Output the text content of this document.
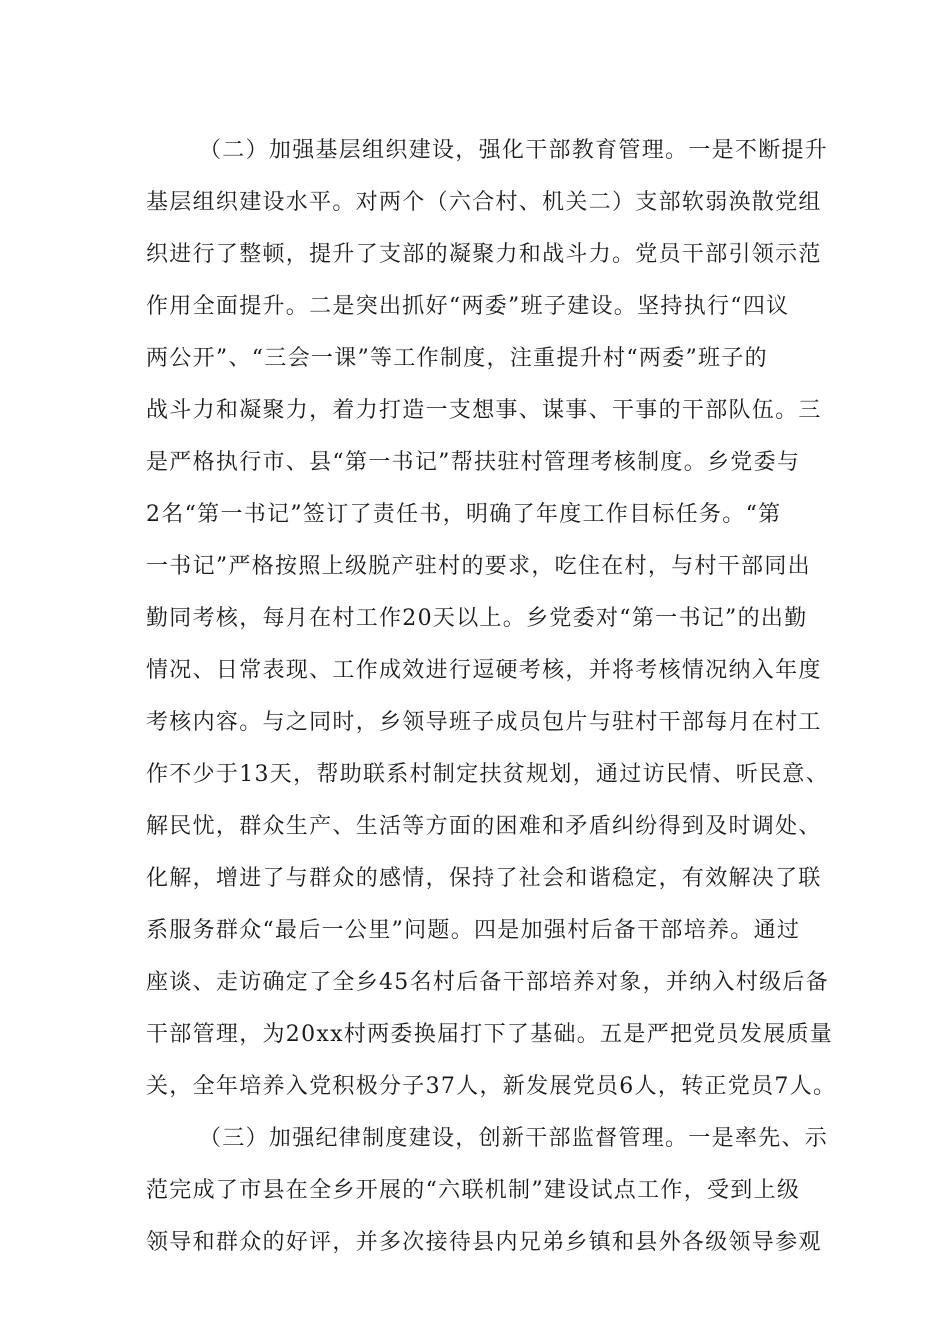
（二）加强基层组织建设，强化干部教育管理。一是不断提升
基层组织建设水平。对两个（六合村、机关二）支部软弱涣散党组
织进行了整顿，提升了支部的凝聚力和战斗力。党员干部引领示范
作用全面提升。二是突出抓好“两委”班子建设。坚持执行“四议
两公开”、“三会一课”等工作制度，注重提升村“两委”班子的
战斗力和凝聚力，着力打造一支想事、谋事、干事的干部队伍。三
是严格执行市、县“第一书记”帮扶驻村管理考核制度。乡党委与
2名“第一书记”签订了责任书，明确了年度工作目标任务。“第
一书记”严格按照上级脱产驻村的要求，吃住在村，与村干部同出
勤同考核，每月在村工作20天以上。乡党委对“第一书记”的出勤
情况、日常表现、工作成效进行逗硬考核，并将考核情况纳入年度
考核内容。与之同时，乡领导班子成员包片与驻村干部每月在村工
作不少于13天，帮助联系村制定扶贫规划，通过访民情、听民意、
解民忧，群众生产、生活等方面的困难和矛盾纠纷得到及时调处、
化解，增进了与群众的感情，保持了社会和谐稳定，有效解决了联
系服务群众“最后一公里”问题。四是加强村后备干部培养。通过
座谈、走访确定了全乡45名村后备干部培养对象，并纳入村级后备
干部管理，为20xx村两委换届打下了基础。五是严把党员发展质量
关，全年培养入党积极分子37人，新发展党员6人，转正党员7人。
（三）加强纪律制度建设，创新干部监督管理。一是率先、示
范完成了市县在全乡开展的“六联机制”建设试点工作，受到上级
领导和群众的好评，并多次接待县内兄弟乡镇和县外各级领导参观
